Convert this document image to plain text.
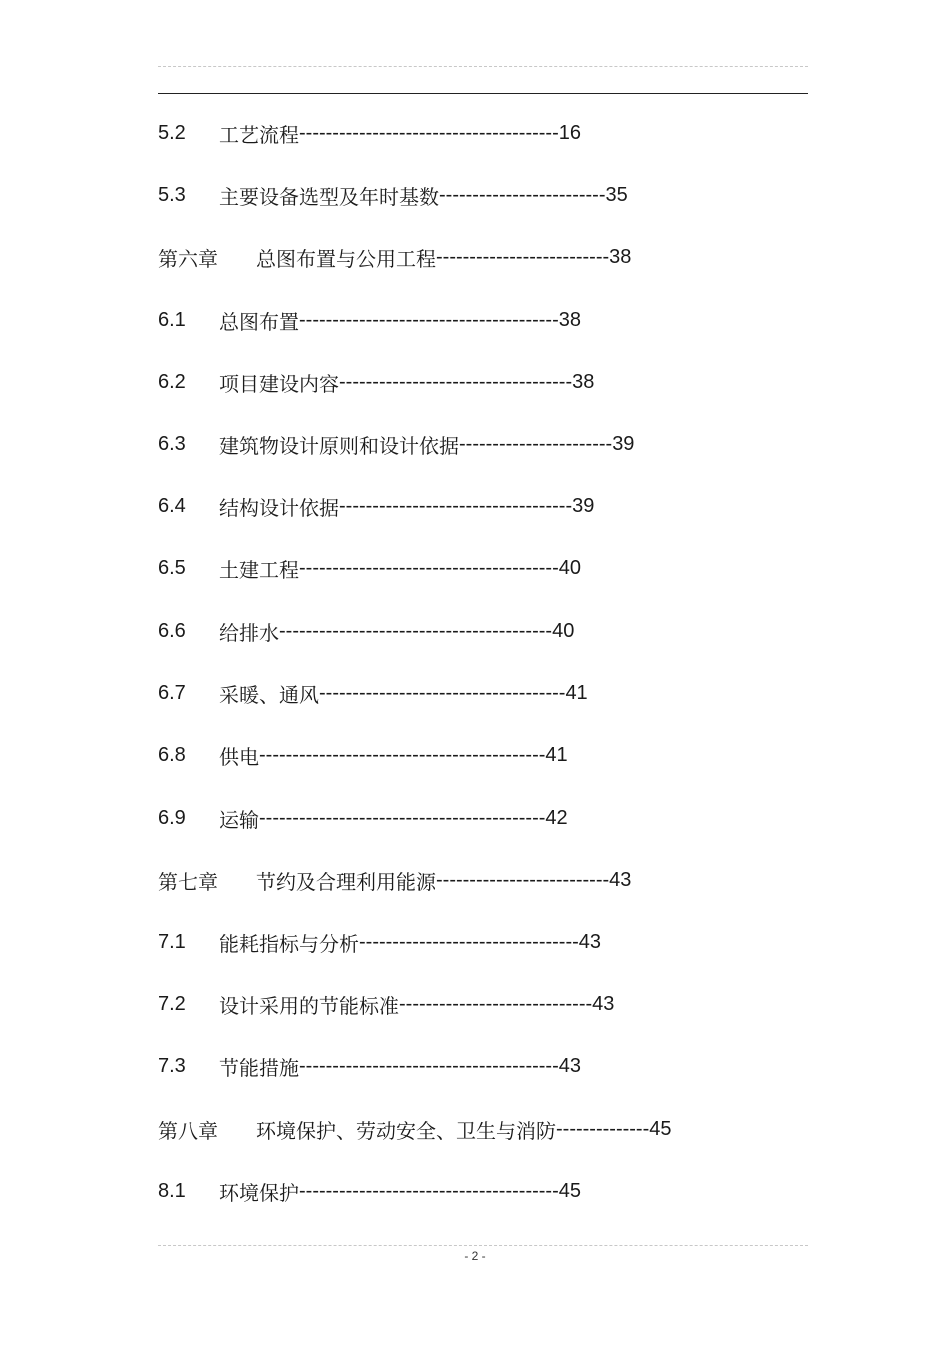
5.2	工艺流程 --------------------------------------- 16
5.3	主要设备选型及年时基数 ------------------------- 35
第六章	总图布置与公用工程 -------------------------- 38
6.1	总图布置 --------------------------------------- 38
6.2	项目建设内容 ----------------------------------- 38
6.3	建筑物设计原则和设计依据 ----------------------- 39
6.4	结构设计依据 ----------------------------------- 39
6.5	土建工程 --------------------------------------- 40
6.6	给排水 ----------------------------------------- 40
6.7	采暖、通风 ------------------------------------- 41
6.8	供电 ------------------------------------------- 41
6.9	运输 ------------------------------------------- 42
第七章	节约及合理利用能源 -------------------------- 43
7.1	能耗指标与分析 --------------------------------- 43
7.2	设计采用的节能标准 ----------------------------- 43
7.3	节能措施 --------------------------------------- 43
第八章	环境保护、劳动安全、卫生与消防 -------------- 45
8.1	环境保护 --------------------------------------- 45
- 2 -
